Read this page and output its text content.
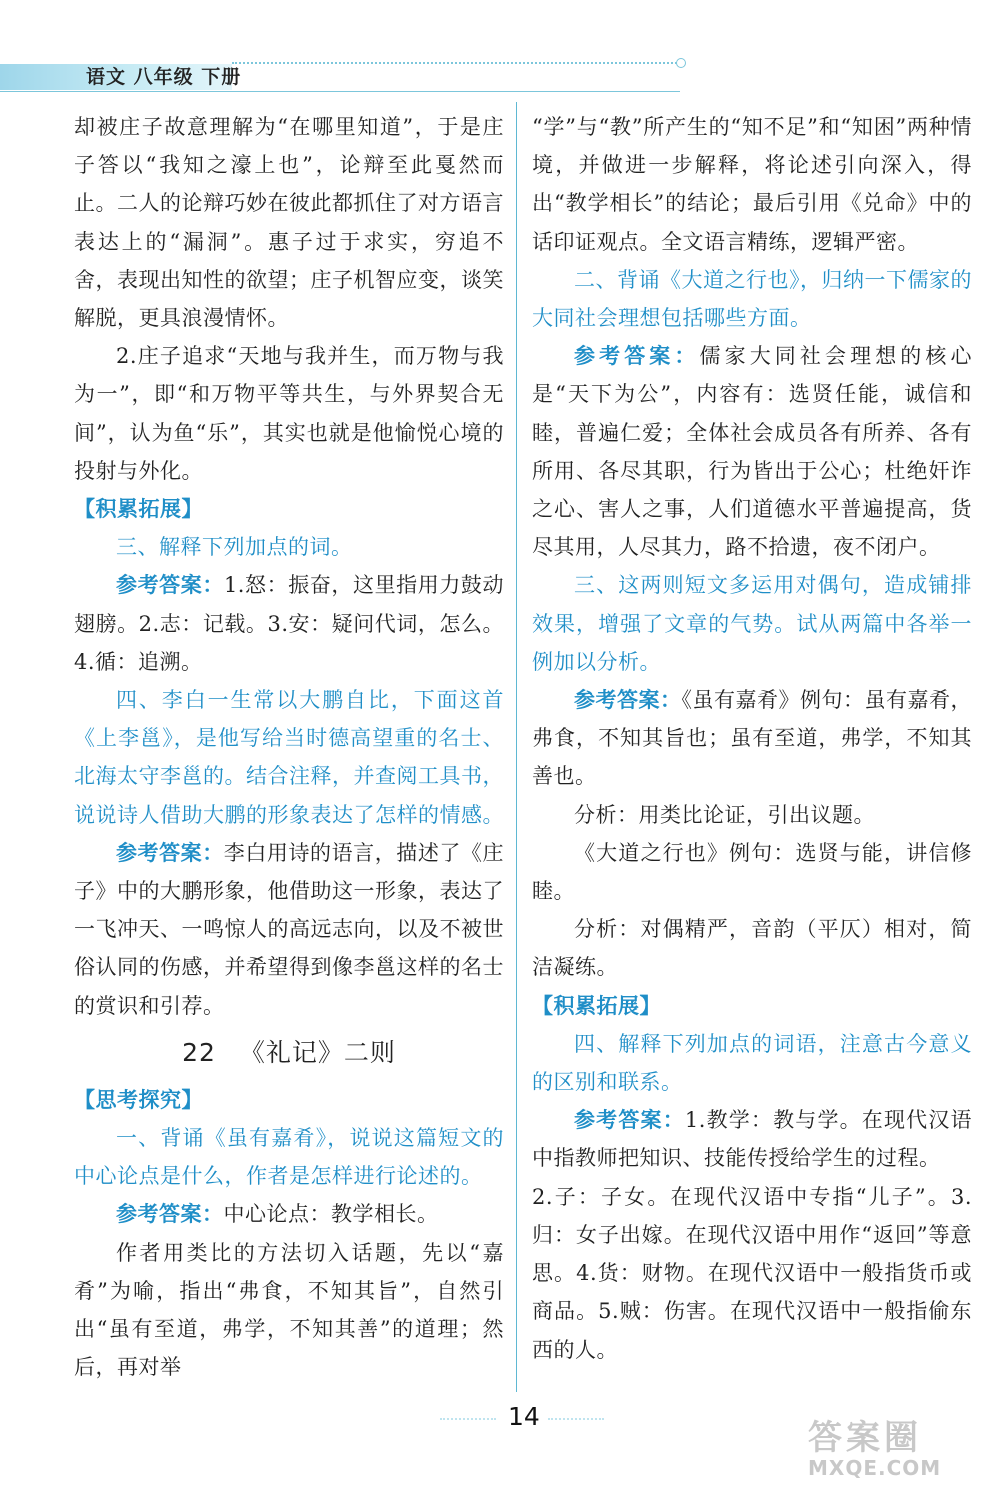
语文 八年级 下册

却被庄子故意理解为“在哪里知道”，于是庄子答以“我知之濠上也”，论辩至此戛然而止。二人的论辩巧妙在彼此都抓住了对方语言表达上的“漏洞”。惠子过于求实，穷追不舍，表现出知性的欲望；庄子机智应变，谈笑解脱，更具浪漫情怀。

2.庄子追求“天地与我并生，而万物与我为一”，即“和万物平等共生，与外界契合无间”，认为鱼“乐”，其实也就是他愉悦心境的投射与外化。

【积累拓展】

三、解释下列加点的词。

参考答案：1.怒：振奋，这里指用力鼓动翅膀。2.志：记载。3.安：疑问代词，怎么。4.循：追溯。

四、李白一生常以大鹏自比，下面这首《上李邕》，是他写给当时德高望重的名士、北海太守李邕的。结合注释，并查阅工具书，说说诗人借助大鹏的形象表达了怎样的情感。

参考答案：李白用诗的语言，描述了《庄子》中的大鹏形象，他借助这一形象，表达了一飞冲天、一鸣惊人的高远志向，以及不被世俗认同的伤感，并希望得到像李邕这样的名士的赏识和引荐。

22 《礼记》二则

【思考探究】

一、背诵《虽有嘉肴》，说说这篇短文的中心论点是什么，作者是怎样进行论述的。

参考答案：中心论点：教学相长。

作者用类比的方法切入话题，先以“嘉肴”为喻，指出“弗食，不知其旨”，自然引出“虽有至道，弗学，不知其善”的道理；然后，再对举

“学”与“教”所产生的“知不足”和“知困”两种情境，并做进一步解释，将论述引向深入，得出“教学相长”的结论；最后引用《兑命》中的话印证观点。全文语言精练，逻辑严密。

二、背诵《大道之行也》，归纳一下儒家的大同社会理想包括哪些方面。

参考答案：儒家大同社会理想的核心是“天下为公”，内容有：选贤任能，诚信和睦，普遍仁爱；全体社会成员各有所养、各有所用、各尽其职，行为皆出于公心；杜绝奸诈之心、害人之事，人们道德水平普遍提高，货尽其用，人尽其力，路不拾遗，夜不闭户。

三、这两则短文多运用对偶句，造成铺排效果，增强了文章的气势。试从两篇中各举一例加以分析。

参考答案：《虽有嘉肴》例句：虽有嘉肴，弗食，不知其旨也；虽有至道，弗学，不知其善也。

分析：用类比论证，引出议题。

《大道之行也》例句：选贤与能，讲信修睦。

分析：对偶精严，音韵（平仄）相对，简洁凝练。

【积累拓展】

四、解释下列加点的词语，注意古今意义的区别和联系。

参考答案：1.教学：教与学。在现代汉语中指教师把知识、技能传授给学生的过程。

2.子：子女。在现代汉语中专指“儿子”。3.归：女子出嫁。在现代汉语中用作“返回”等意思。4.货：财物。在现代汉语中一般指货币或商品。5.贼：伤害。在现代汉语中一般指偷东西的人。

14
答案圈
MXQE.COM
